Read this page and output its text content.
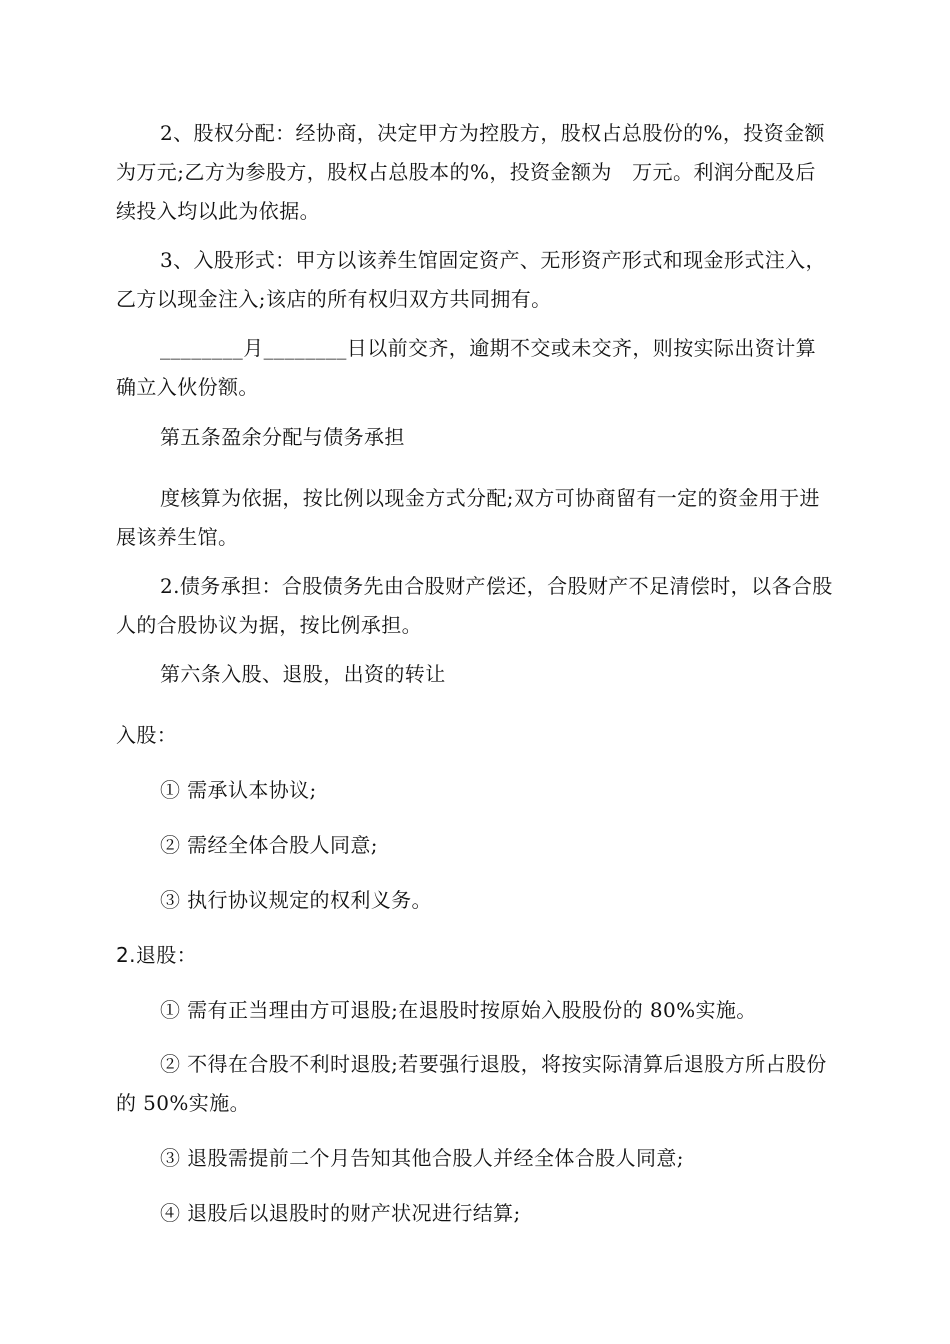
2、股权分配：经协商，决定甲方为控股方，股权占总股份的%，投资金额为万元;乙方为参股方，股权占总股本的%，投资金额为　万元。利润分配及后续投入均以此为依据。
3、入股形式：甲方以该养生馆固定资产、无形资产形式和现金形式注入，乙方以现金注入;该店的所有权归双方共同拥有。
________月________日以前交齐，逾期不交或未交齐，则按实际出资计算确立入伙份额。
第五条盈余分配与债务承担
度核算为依据，按比例以现金方式分配;双方可协商留有一定的资金用于进展该养生馆。
2.债务承担：合股债务先由合股财产偿还，合股财产不足清偿时，以各合股人的合股协议为据，按比例承担。
第六条入股、退股，出资的转让
入股：
① 需承认本协议;
② 需经全体合股人同意;
③ 执行协议规定的权利义务。
2.退股：
① 需有正当理由方可退股;在退股时按原始入股股份的 80%实施。
② 不得在合股不利时退股;若要强行退股，将按实际清算后退股方所占股份的 50%实施。
③ 退股需提前二个月告知其他合股人并经全体合股人同意;
④ 退股后以退股时的财产状况进行结算;
